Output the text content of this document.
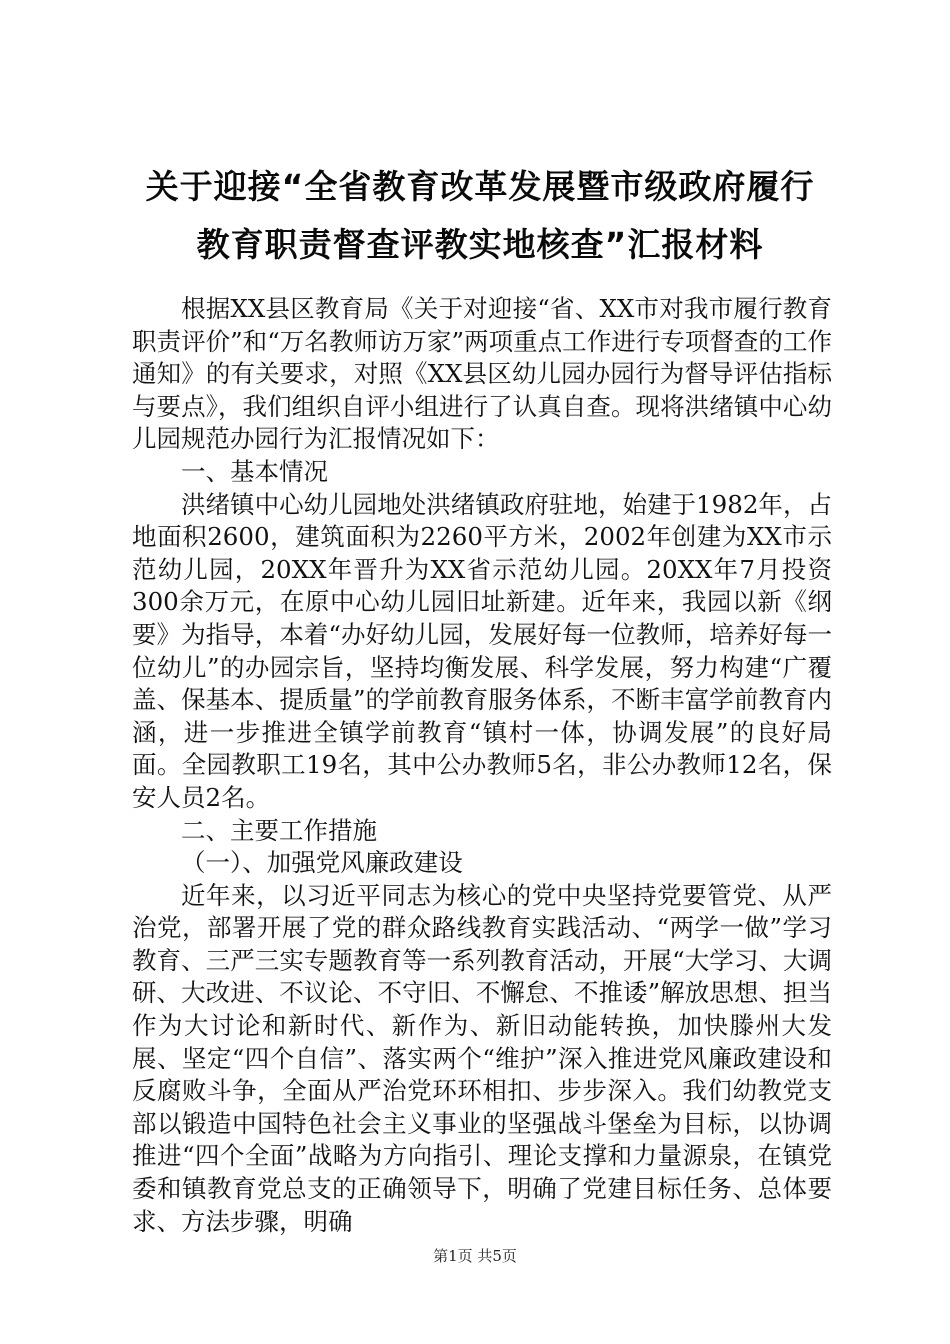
关于迎接“全省教育改革发展暨市级政府履行
教育职责督查评教实地核查”汇报材料

根据XX县区教育局《关于对迎接“省、XX市对我市履行教育职责评价”和“万名教师访万家”两项重点工作进行专项督查的工作通知》的有关要求，对照《XX县区幼儿园办园行为督导评估指标与要点》，我们组织自评小组进行了认真自查。现将洪绪镇中心幼儿园规范办园行为汇报情况如下：

一、基本情况

洪绪镇中心幼儿园地处洪绪镇政府驻地，始建于1982年，占地面积2600，建筑面积为2260平方米，2002年创建为XX市示范幼儿园，20XX年晋升为XX省示范幼儿园。20XX年7月投资300余万元，在原中心幼儿园旧址新建。近年来，我园以新《纲要》为指导，本着“办好幼儿园，发展好每一位教师，培养好每一位幼儿”的办园宗旨，坚持均衡发展、科学发展，努力构建“广覆盖、保基本、提质量”的学前教育服务体系，不断丰富学前教育内涵，进一步推进全镇学前教育“镇村一体，协调发展”的良好局面。全园教职工19名，其中公办教师5名，非公办教师12名，保安人员2名。

二、主要工作措施

（一）、加强党风廉政建设

近年来，以习近平同志为核心的党中央坚持党要管党、从严治党，部署开展了党的群众路线教育实践活动、“两学一做”学习教育、三严三实专题教育等一系列教育活动，开展“大学习、大调研、大改进、不议论、不守旧、不懈怠、不推诿”解放思想、担当作为大讨论和新时代、新作为、新旧动能转换，加快滕州大发展、坚定“四个自信”、落实两个“维护”深入推进党风廉政建设和反腐败斗争，全面从严治党环环相扣、步步深入。我们幼教党支部以锻造中国特色社会主义事业的坚强战斗堡垒为目标，以协调推进“四个全面”战略为方向指引、理论支撑和力量源泉，在镇党委和镇教育党总支的正确领导下，明确了党建目标任务、总体要求、方法步骤，明确

第1页 共5页
